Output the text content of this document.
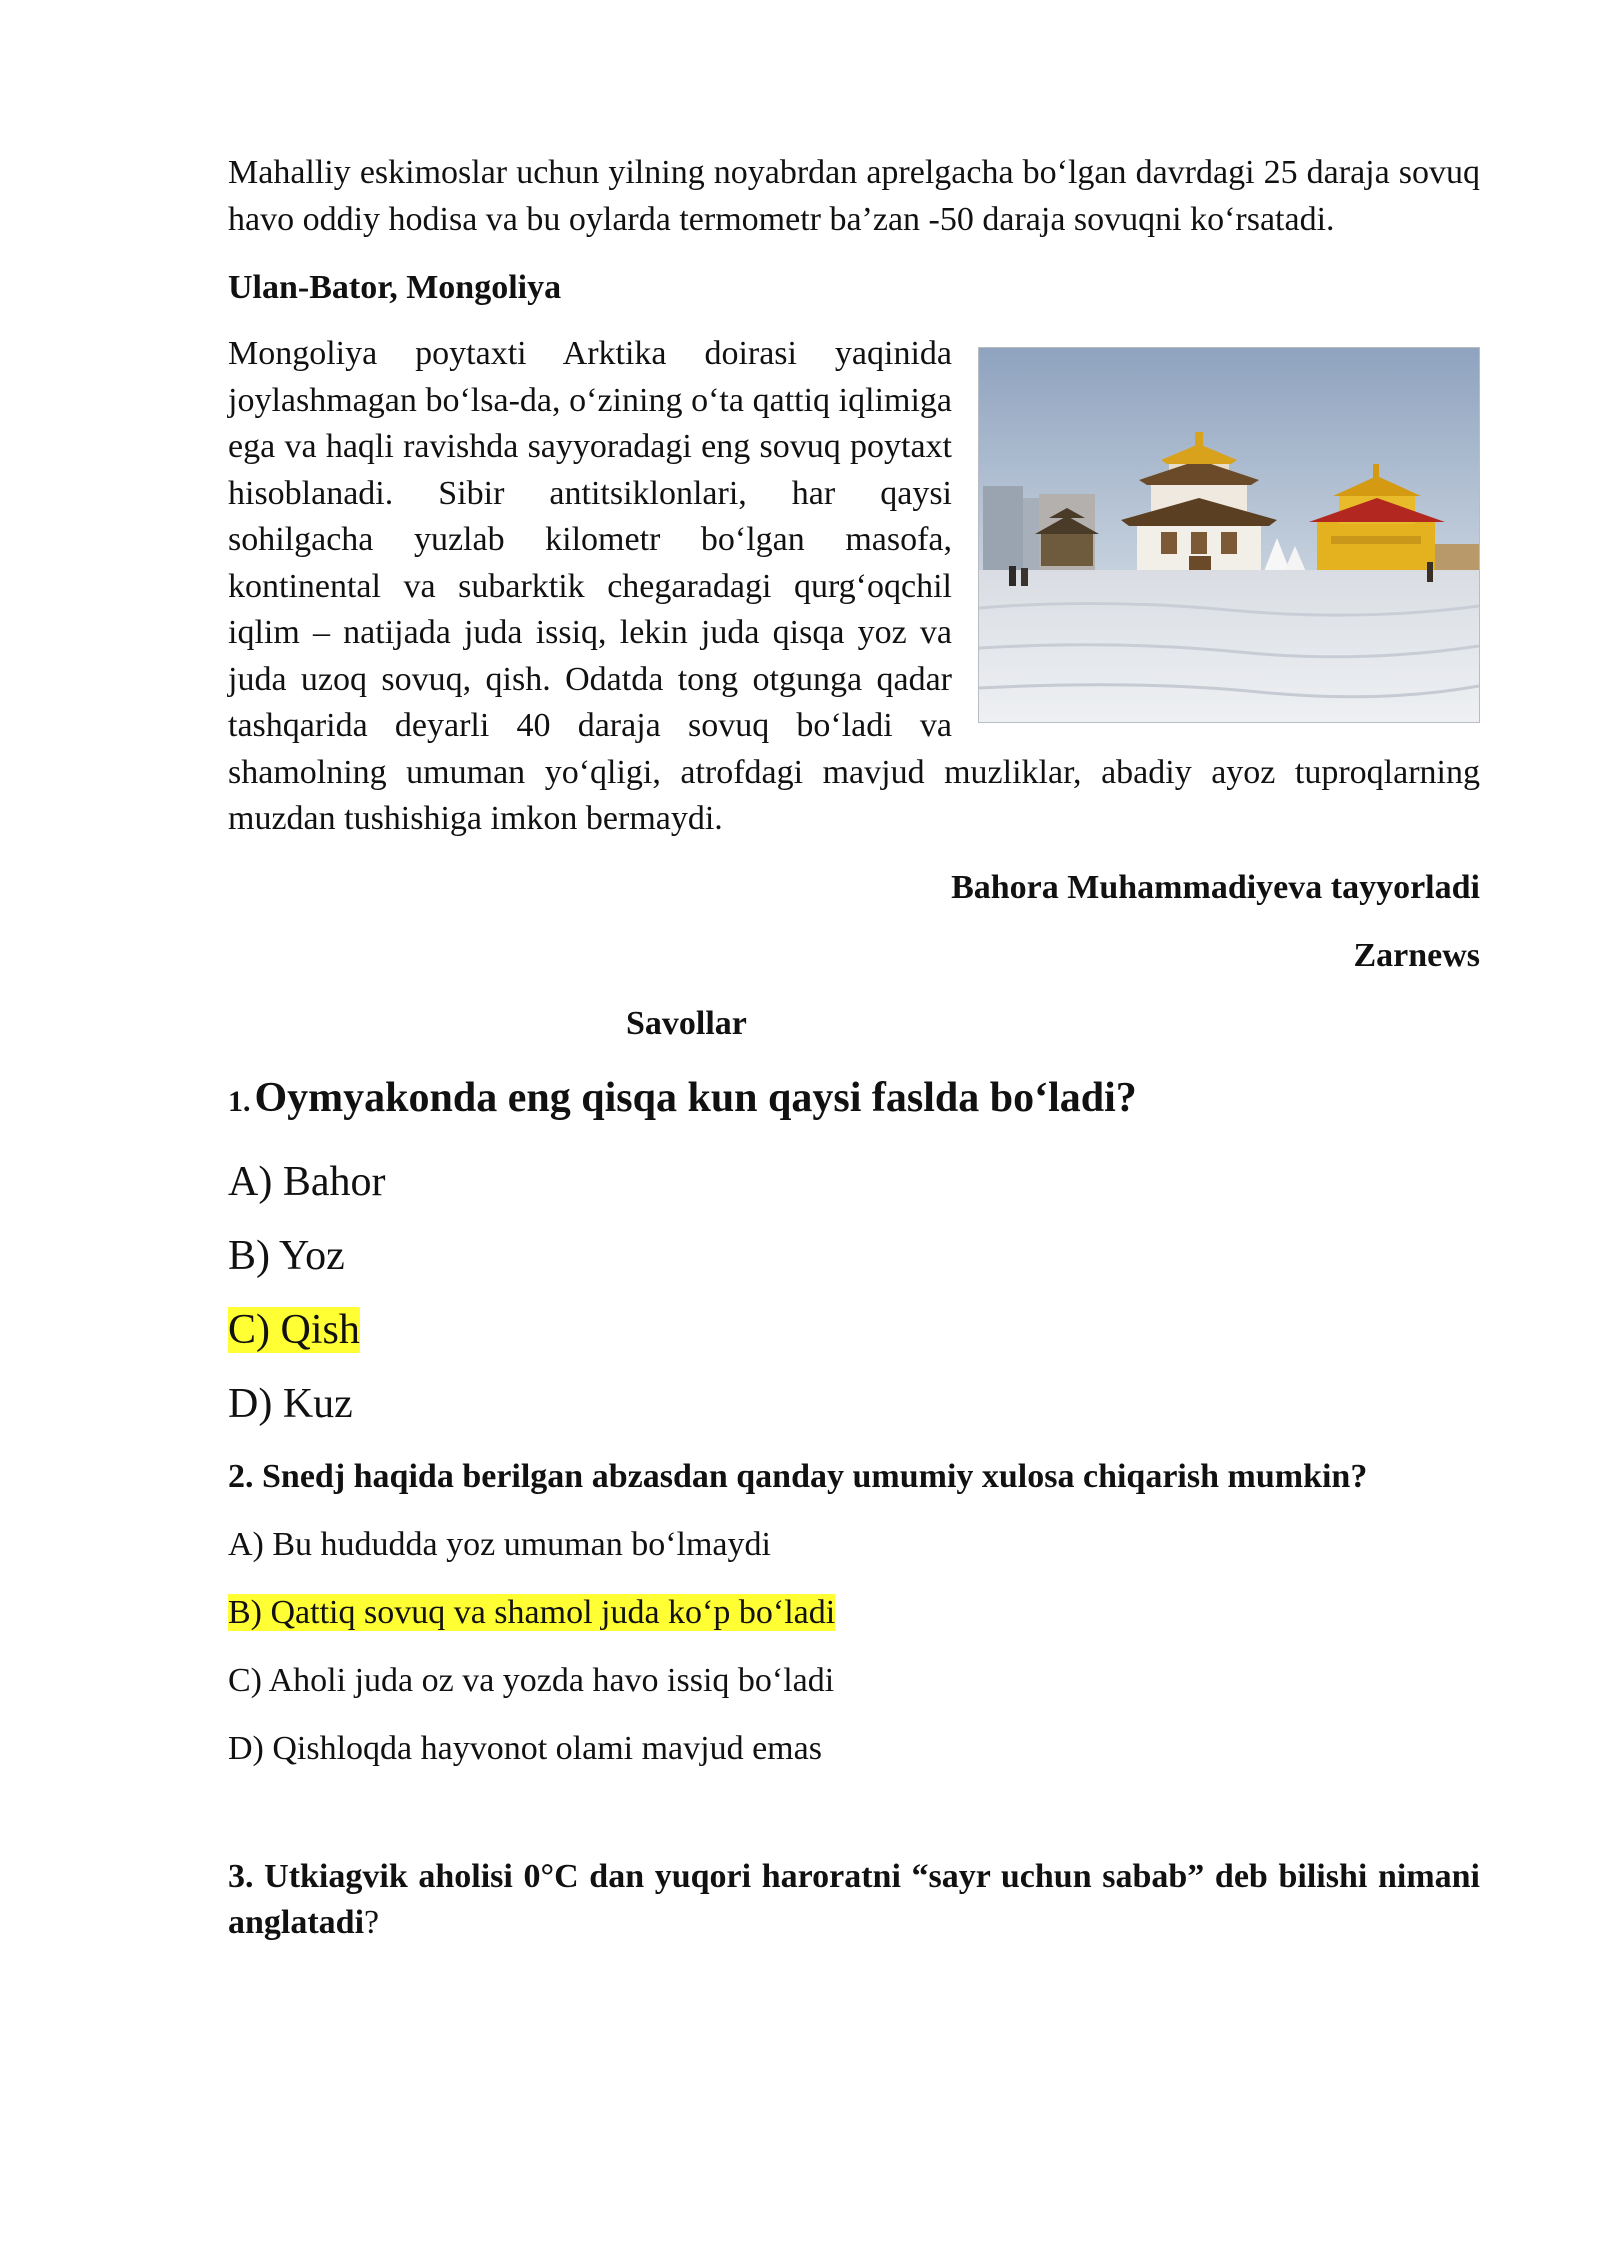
Mahalliy eskimoslar uchun yilning noyabrdan aprelgacha bo‘lgan davrdagi 25 daraja sovuq havo oddiy hodisa va bu oylarda termometr ba’zan -50 daraja sovuqni ko‘rsatadi.

Ulan-Bator, Mongoliya

Mongoliya poytaxti Arktika doirasi yaqinida joylashmagan bo‘lsa-da, o‘zining o‘ta qattiq iqlimiga ega va haqli ravishda sayyoradagi eng sovuq poytaxt hisoblanadi. Sibir antitsiklonlari, har qaysi sohilgacha yuzlab kilometr bo‘lgan masofa, kontinental va subarktik chegaradagi qurg‘oqchil iqlim – natijada juda issiq, lekin juda qisqa yoz va juda uzoq sovuq, qish. Odatda tong otgunga qadar tashqarida deyarli 40 daraja sovuq bo‘ladi va shamolning umuman yo‘qligi, atrofdagi mavjud muzliklar, abadiy ayoz tuproqlarning muzdan tushishiga imkon bermaydi.

Bahora Muhammadiyeva tayyorladi

Zarnews

Savollar

1. Oymyakonda eng qisqa kun qaysi faslda bo‘ladi?

A) Bahor

B) Yoz

C) Qish

D) Kuz

2. Snedj haqida berilgan abzasdan qanday umumiy xulosa chiqarish mumkin?

A) Bu hududda yoz umuman bo‘lmaydi

B) Qattiq sovuq va shamol juda ko‘p bo‘ladi

C) Aholi juda oz va yozda havo issiq bo‘ladi

D) Qishloqda hayvonot olami mavjud emas

3. Utkiagvik aholisi 0°C dan yuqori haroratni “sayr uchun sabab” deb bilishi nimani anglatadi?
